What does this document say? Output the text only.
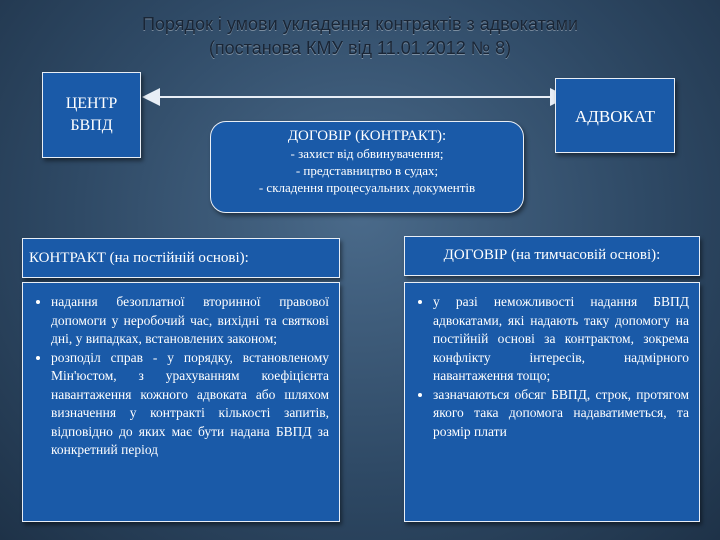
Порядок і умови укладення контрактів з адвокатами
(постанова КМУ від 11.01.2012 № 8)
ЦЕНТР
БВПД	АДВОКАТ
ДОГОВІР (КОНТРАКТ):
- захист від обвинувачення;
- представництво в судах;
- складення процесуальних документів
КОНТРАКТ (на постійній основі):	ДОГОВІР (на тимчасовій основі):
• надання безоплатної вторинної правової допомоги у неробочий час, вихідні та святкові дні, у випадках, встановлених законом;
• розподіл справ - у порядку, встановленому Мін'юстом, з урахуванням коефіцієнта навантаження кожного адвоката або шляхом визначення у контракті кількості запитів, відповідно до яких має бути надана БВПД за конкретний період
• у разі неможливості надання БВПД адвокатами, які надають таку допомогу на постійній основі за контрактом, зокрема конфлікту інтересів, надмірного навантаження тощо;
• зазначаються обсяг БВПД, строк, протягом якого така допомога надаватиметься, та розмір плати
